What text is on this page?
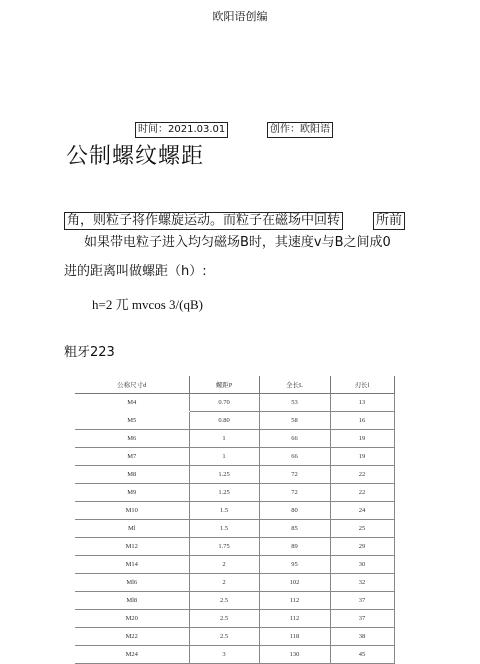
欧阳语创编
时间：2021.03.01	创作：欧阳语
公制螺纹螺距
角，则粒子将作螺旋运动。而粒子在磁场中回转	所前
如果带电粒子进入均匀磁场B时，其速度v与B之间成0
进的距离叫做螺距（h）:
h=2 兀 mvcos 3/(qB)
粗牙223
公称尺寸d	螺距P	全长L	刃长l
M4	0.70	53	13
M5	0.80	58	16
M6	1	66	19
M7	1	66	19
M8	1.25	72	22
M9	1.25	72	22
M10	1.5	80	24
Ml	1.5	85	25
M12	1.75	89	29
M14	2	95	30
Ml6	2	102	32
Ml8	2.5	112	37
M20	2.5	112	37
M22	2.5	118	38
M24	3	130	45
